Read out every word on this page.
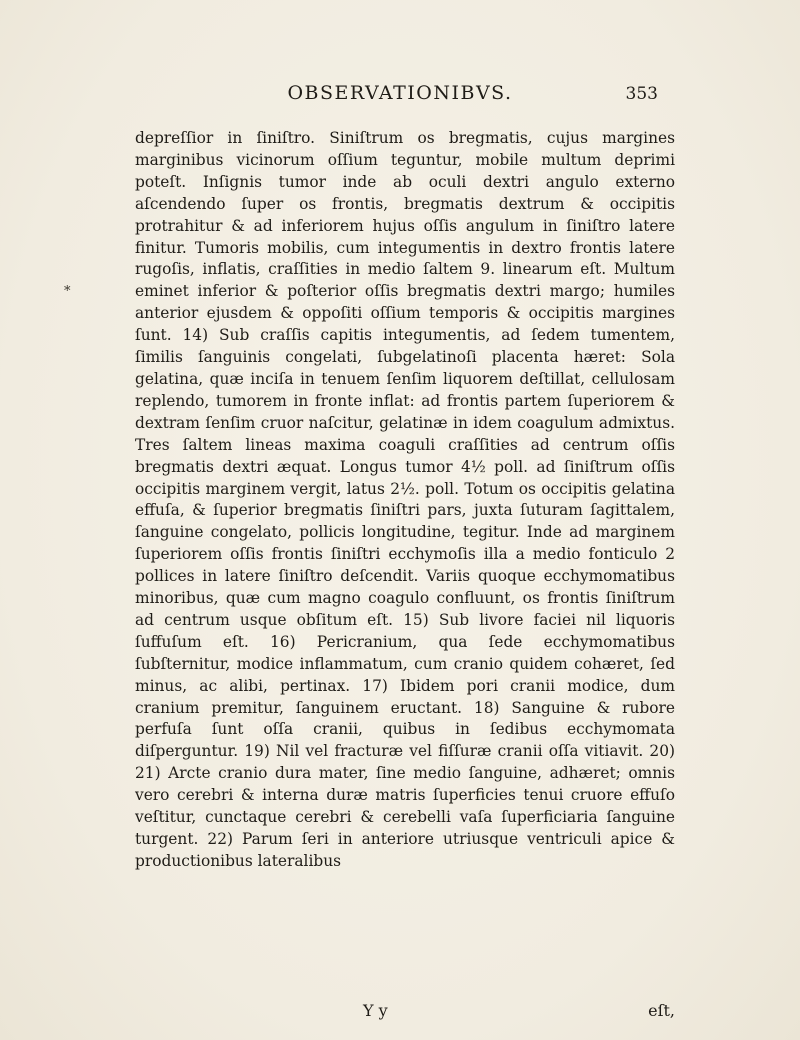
OBSERVATIONIBVS.	353
*

depreſſior in ſiniſtro. Siniſtrum os bregmatis, cujus margines marginibus vicinorum oſſium teguntur, mobile multum deprimi poteſt. Inſignis tumor inde ab oculi dextri angulo externo aſcendendo ſuper os frontis, bregmatis dextrum & occipitis protrahitur & ad inferiorem hujus oſſis angulum in ſiniſtro latere finitur. Tumoris mobilis, cum integumentis in dextro frontis latere rugoſis, inflatis, craſſities in medio ſaltem 9. linearum eſt. Multum eminet inferior & poſterior oſſis bregmatis dextri margo; humiles anterior ejusdem & oppoſiti oſſium temporis & occipitis margines ſunt. 14) Sub craſſis capitis integumentis, ad ſedem tumentem, ſimilis ſanguinis congelati, ſubgelatinoſi placenta hæret: Sola gelatina, quæ inciſa in tenuem ſenſim liquorem deſtillat, cellulosam replendo, tumorem in fronte inflat: ad frontis partem ſuperiorem & dextram ſenſim cruor naſcitur, gelatinæ in idem coagulum admixtus. Tres ſaltem lineas maxima coaguli craſſities ad centrum oſſis bregmatis dextri æquat. Longus tumor 4½ poll. ad ſiniſtrum oſſis occipitis marginem vergit, latus 2½. poll. Totum os occipitis gelatina effuſa, & ſuperior bregmatis ſiniſtri pars, juxta ſuturam ſagittalem, ſanguine congelato, pollicis longitudine, tegitur. Inde ad marginem ſuperiorem oſſis frontis ſiniſtri ecchymoſis illa a medio fonticulo 2 pollices in latere ſiniſtro deſcendit. Variis quoque ecchymomatibus minoribus, quæ cum magno coagulo confluunt, os frontis ſiniſtrum ad centrum usque obſitum eſt. 15) Sub livore faciei nil liquoris ſuffuſum eſt. 16) Pericranium, qua ſede ecchymomatibus ſubſternitur, modice inflammatum, cum cranio quidem cohæret, ſed minus, ac alibi, pertinax. 17) Ibidem pori cranii modice, dum cranium premitur, ſanguinem eructant. 18) Sanguine & rubore perfuſa ſunt oſſa cranii, quibus in ſedibus ecchymomata diſperguntur. 19) Nil vel fracturæ vel fiſſuræ cranii oſſa vitiavit. 20) 21) Arcte cranio dura mater, ſine medio ſanguine, adhæret; omnis vero cerebri & interna duræ matris ſuperficies tenui cruore effuſo veſtitur, cunctaque cerebri & cerebelli vaſa ſuperficiaria ſanguine turgent. 22) Parum ſeri in anteriore utriusque ventriculi apice & productionibus lateralibus

Y y	eſt,
